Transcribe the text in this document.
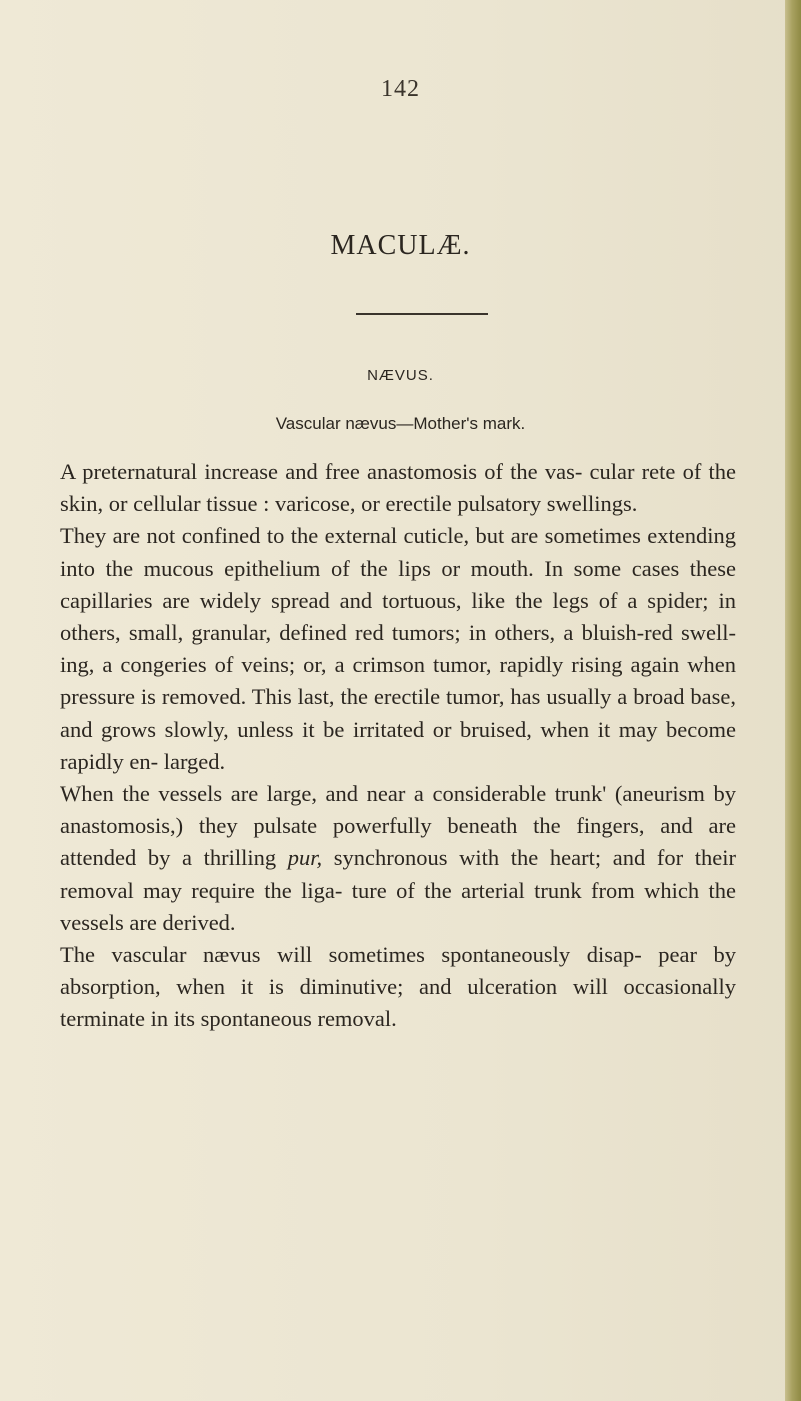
142
MACULÆ.
NÆVUS.
Vascular nævus—Mother's mark.

A preternatural increase and free anastomosis of the vas- cular rete of the skin, or cellular tissue : varicose, or erectile pulsatory swellings.

They are not confined to the external cuticle, but are sometimes extending into the mucous epithelium of the lips or mouth. In some cases these capillaries are widely spread and tortuous, like the legs of a spider; in others, small, granular, defined red tumors; in others, a bluish-red swell- ing, a congeries of veins; or, a crimson tumor, rapidly rising again when pressure is removed. This last, the erectile tumor, has usually a broad base, and grows slowly, unless it be irritated or bruised, when it may become rapidly en- larged.

When the vessels are large, and near a considerable trunk' (aneurism by anastomosis,) they pulsate powerfully beneath the fingers, and are attended by a thrilling pur, synchronous with the heart; and for their removal may require the liga- ture of the arterial trunk from which the vessels are derived.

The vascular nævus will sometimes spontaneously disap- pear by absorption, when it is diminutive; and ulceration will occasionally terminate in its spontaneous removal.
